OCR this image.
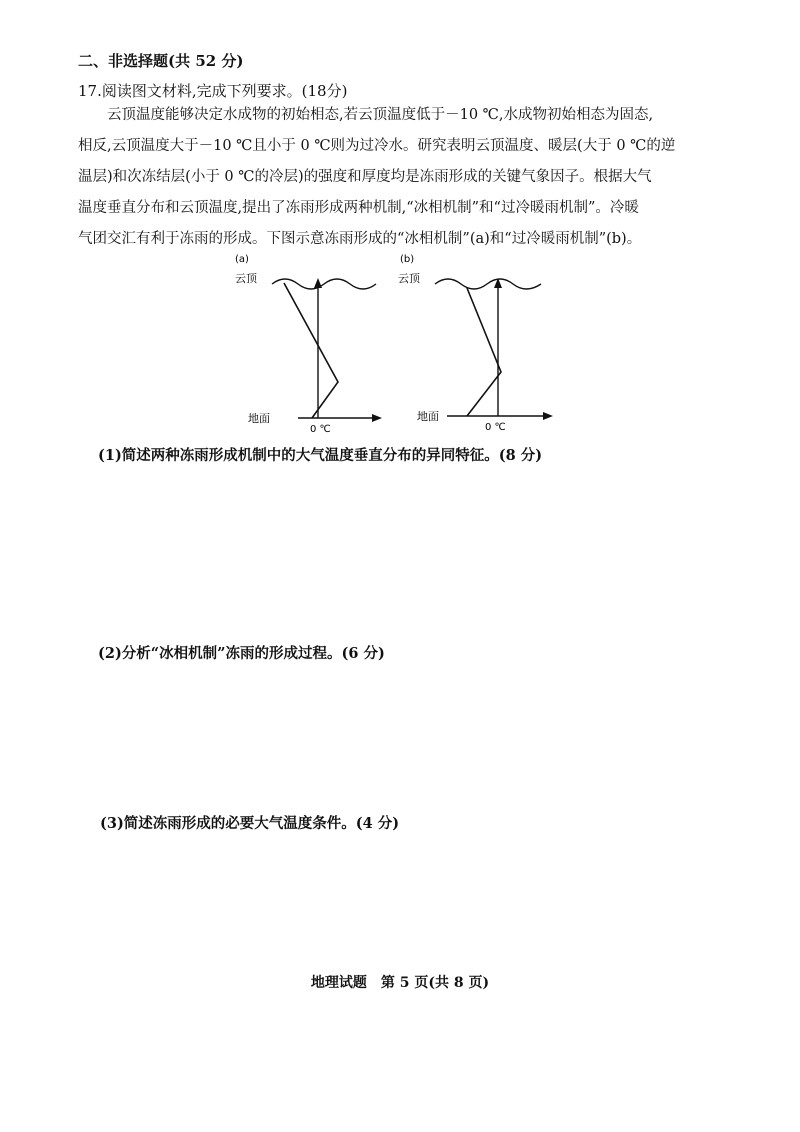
二、非选择题(共 52 分)
17.阅读图文材料,完成下列要求。(18分)

云顶温度能够决定水成物的初始相态,若云顶温度低于－10 ℃,水成物初始相态为固态,

相反,云顶温度大于－10 ℃且小于 0 ℃则为过冷水。研究表明云顶温度、暖层(大于 0 ℃的逆

温层)和次冻结层(小于 0 ℃的冷层)的强度和厚度均是冻雨形成的关键气象因子。根据大气

温度垂直分布和云顶温度,提出了冻雨形成两种机制,“冰相机制”和“过冷暖雨机制”。冷暖

气团交汇有利于冻雨的形成。下图示意冻雨形成的“冰相机制”(a)和“过冷暖雨机制”(b)。

(a)
云顶
地面
0 ℃
(b)
云顶
地面
0 ℃
(1)简述两种冻雨形成机制中的大气温度垂直分布的异同特征。(8 分)
(2)分析“冰相机制”冻雨的形成过程。(6 分)
(3)简述冻雨形成的必要大气温度条件。(4 分)
地理试题　第 5 页(共 8 页)
